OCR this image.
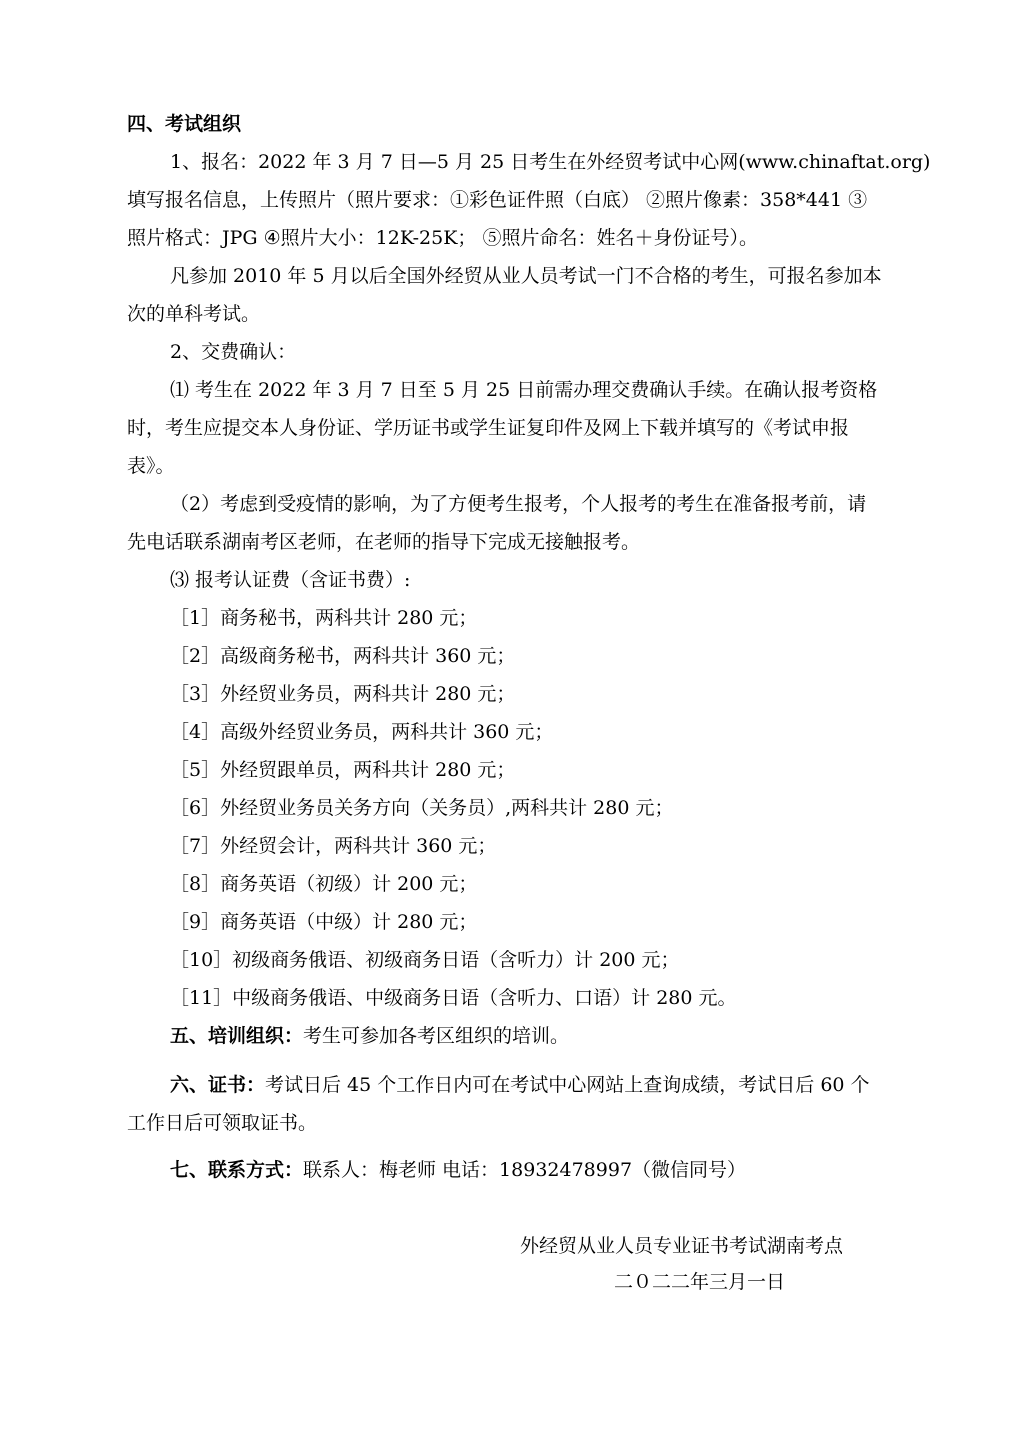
四、考试组织
1、报名：2022 年 3 月 7 日—5 月 25 日考生在外经贸考试中心网(www.chinaftat.org)
填写报名信息，上传照片（照片要求：①彩色证件照（白底） ②照片像素：358*441 ③
照片格式：JPG ④照片大小：12K-25K； ⑤照片命名：姓名＋身份证号）。
凡参加 2010 年 5 月以后全国外经贸从业人员考试一门不合格的考生，可报名参加本
次的单科考试。
2、交费确认：
⑴ 考生在 2022 年 3 月 7 日至 5 月 25 日前需办理交费确认手续。在确认报考资格
时，考生应提交本人身份证、学历证书或学生证复印件及网上下载并填写的《考试申报
表》。
（2）考虑到受疫情的影响，为了方便考生报考，个人报考的考生在准备报考前，请
先电话联系湖南考区老师，在老师的指导下完成无接触报考。
⑶ 报考认证费（含证书费）:
［1］商务秘书，两科共计 280 元；
［2］高级商务秘书，两科共计 360 元；
［3］外经贸业务员，两科共计 280 元；
［4］高级外经贸业务员，两科共计 360 元；
［5］外经贸跟单员，两科共计 280 元；
［6］外经贸业务员关务方向（关务员）,两科共计 280 元；
［7］外经贸会计，两科共计 360 元；
［8］商务英语（初级）计 200 元；
［9］商务英语（中级）计 280 元；
［10］初级商务俄语、初级商务日语（含听力）计 200 元；
［11］中级商务俄语、中级商务日语（含听力、口语）计 280 元。
五、培训组织：考生可参加各考区组织的培训。
六、证书：考试日后 45 个工作日内可在考试中心网站上查询成绩，考试日后 60 个
工作日后可领取证书。
七、联系方式：联系人：梅老师 电话：18932478997（微信同号）
外经贸从业人员专业证书考试湖南考点
二０二二年三月一日
